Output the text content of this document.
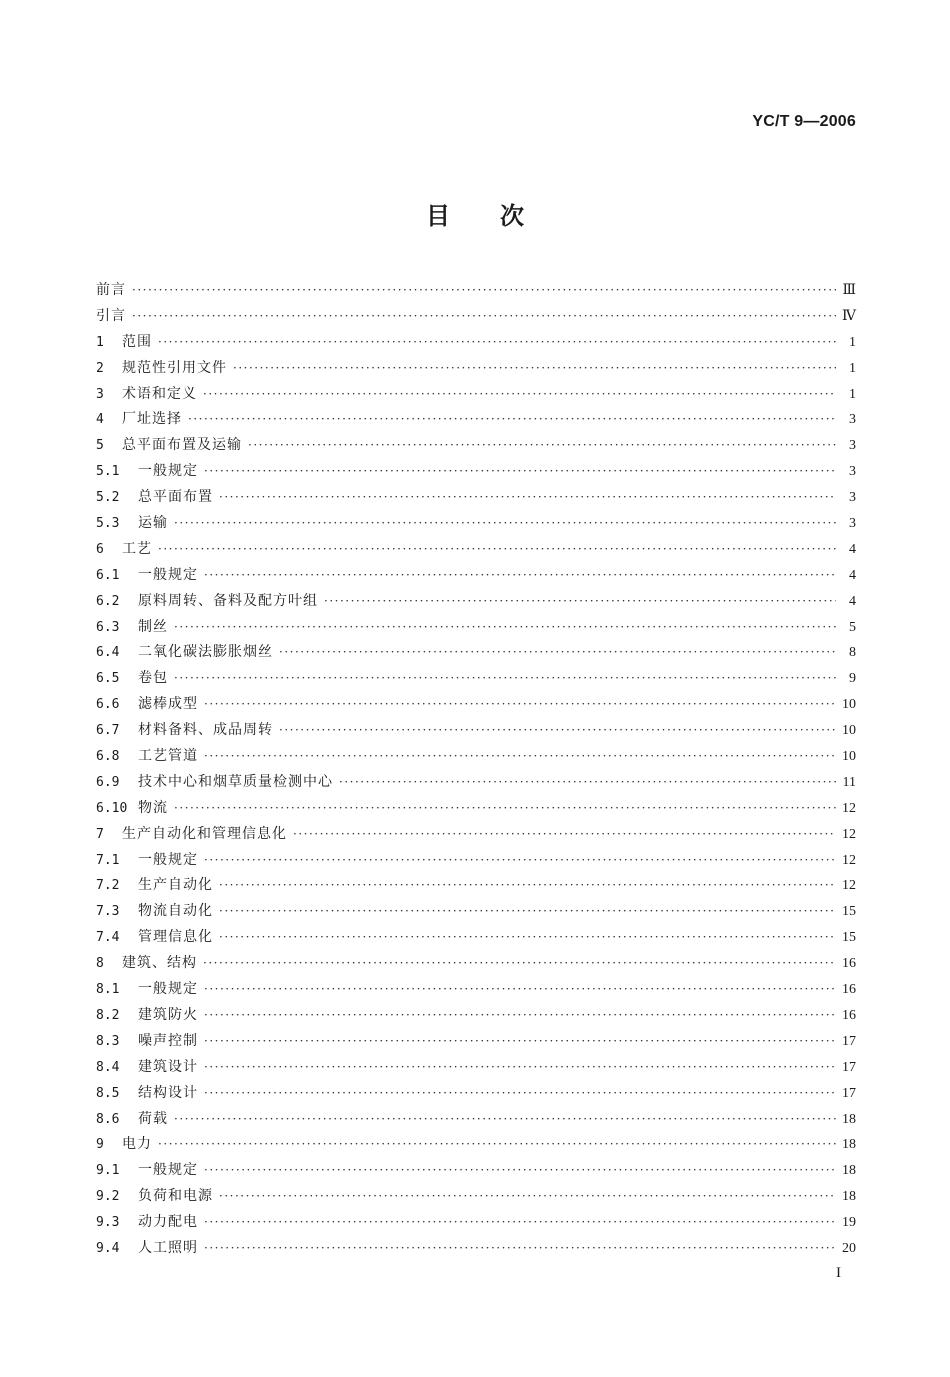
YC/T 9—2006
目 次
前言 ·····	Ⅲ
引言 ·····	Ⅳ
1	范围 ·····	1
2	规范性引用文件 ·····	1
3	术语和定义 ·····	1
4	厂址选择 ·····	3
5	总平面布置及运输 ·····	3
5.1	一般规定 ·····	3
5.2	总平面布置 ·····	3
5.3	运输 ·····	3
6	工艺 ·····	4
6.1	一般规定 ·····	4
6.2	原料周转、备料及配方叶组 ·····	4
6.3	制丝 ·····	5
6.4	二氧化碳法膨胀烟丝 ·····	8
6.5	卷包 ·····	9
6.6	滤棒成型 ·····	10
6.7	材料备料、成品周转 ·····	10
6.8	工艺管道 ·····	10
6.9	技术中心和烟草质量检测中心 ·····	11
6.10 物流 ·····	12
7	生产自动化和管理信息化 ·····	12
7.1	一般规定 ·····	12
7.2	生产自动化 ·····	12
7.3	物流自动化 ·····	15
7.4	管理信息化 ·····	15
8	建筑、结构 ·····	16
8.1	一般规定 ·····	16
8.2	建筑防火 ·····	16
8.3	噪声控制 ·····	17
8.4	建筑设计 ·····	17
8.5	结构设计 ·····	17
8.6	荷载 ·····	18
9	电力 ·····	18
9.1	一般规定 ·····	18
9.2	负荷和电源 ·····	18
9.3	动力配电 ·····	19
9.4	人工照明 ·····	20
I
